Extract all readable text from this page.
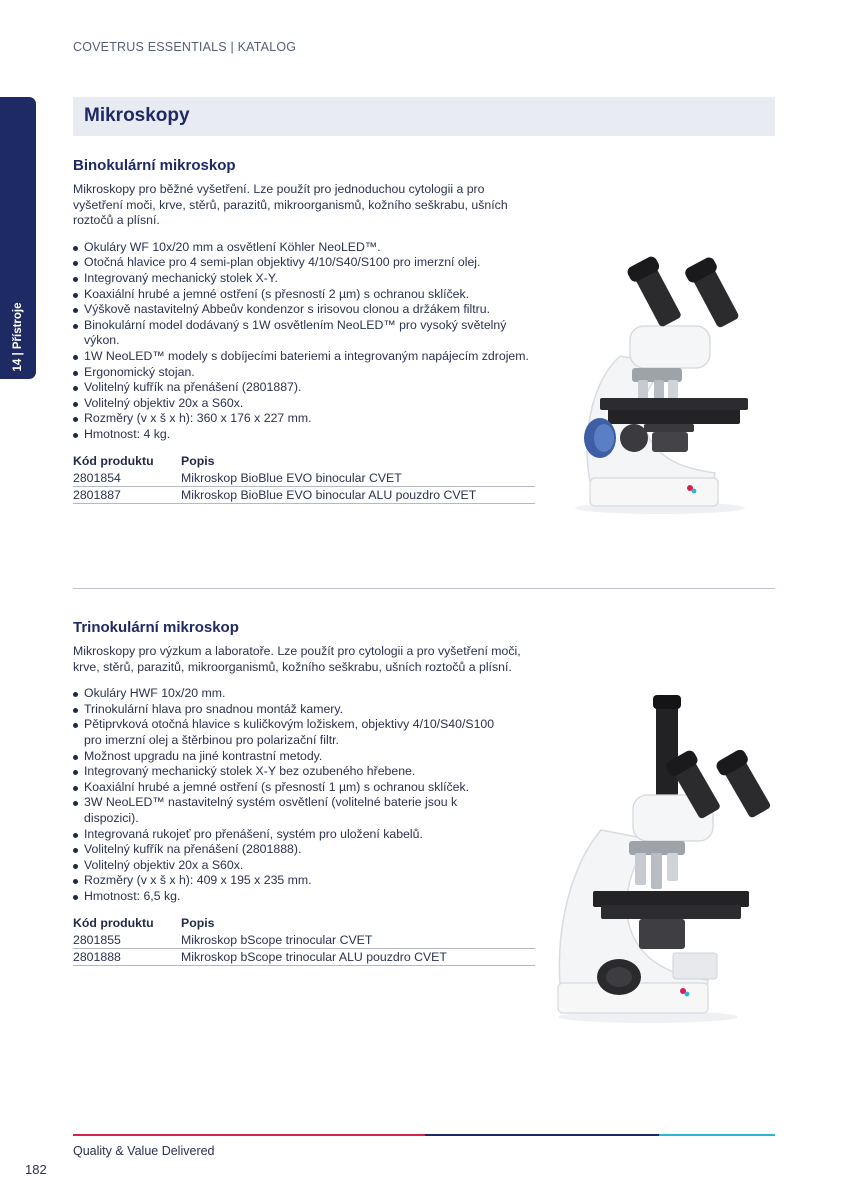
COVETRUS ESSENTIALS | KATALOG
14 | Přístroje
Mikroskopy
Binokulární mikroskop

Mikroskopy pro běžné vyšetření. Lze použít pro jednoduchou cytologii a pro vyšetření moči, krve, stěrů, parazitů, mikroorganismů, kožního seškrabu, ušních roztočů a plísní.

Okuláry WF 10x/20 mm a osvětlení Köhler NeoLED™.
Otočná hlavice pro 4 semi-plan objektivy 4/10/S40/S100 pro imerzní olej.
Integrovaný mechanický stolek X-Y.
Koaxiální hrubé a jemné ostření (s přesností 2 µm) s ochranou sklíček.
Výškově nastavitelný Abbeův kondenzor s irisovou clonou a držákem filtru.
Binokulární model dodávaný s 1W osvětlením NeoLED™ pro vysoký světelný výkon.
1W NeoLED™ modely s dobíjecími bateriemi a integrovaným napájecím zdrojem.
Ergonomický stojan.
Volitelný kufřík na přenášení (2801887).
Volitelný objektiv 20x a S60x.
Rozměry (v x š x h): 360 x 176 x 227 mm.
Hmotnost: 4 kg.
Kód produktu	Popis
2801854	Mikroskop BioBlue EVO binocular CVET
2801887	Mikroskop BioBlue EVO binocular ALU pouzdro CVET
Trinokulární mikroskop

Mikroskopy pro výzkum a laboratoře. Lze použít pro cytologii a pro vyšetření moči, krve, stěrů, parazitů, mikroorganismů, kožního seškrabu, ušních roztočů a plísní.

Okuláry HWF 10x/20 mm.
Trinokulární hlava pro snadnou montáž kamery.
Pětiprvková otočná hlavice s kuličkovým ložiskem, objektivy 4/10/S40/S100 pro imerzní olej a štěrbinou pro polarizační filtr.
Možnost upgradu na jiné kontrastní metody.
Integrovaný mechanický stolek X-Y bez ozubeného hřebene.
Koaxiální hrubé a jemné ostření (s přesností 1 µm) s ochranou sklíček.
3W NeoLED™ nastavitelný systém osvětlení (volitelné baterie jsou k dispozici).
Integrovaná rukojeť pro přenášení, systém pro uložení kabelů.
Volitelný kufřík na přenášení (2801888).
Volitelný objektiv 20x a S60x.
Rozměry (v x š x h): 409 x 195 x 235 mm.
Hmotnost: 6,5 kg.
Kód produktu	Popis
2801855	Mikroskop bScope trinocular CVET
2801888	Mikroskop bScope trinocular ALU pouzdro CVET
Quality & Value Delivered
182
